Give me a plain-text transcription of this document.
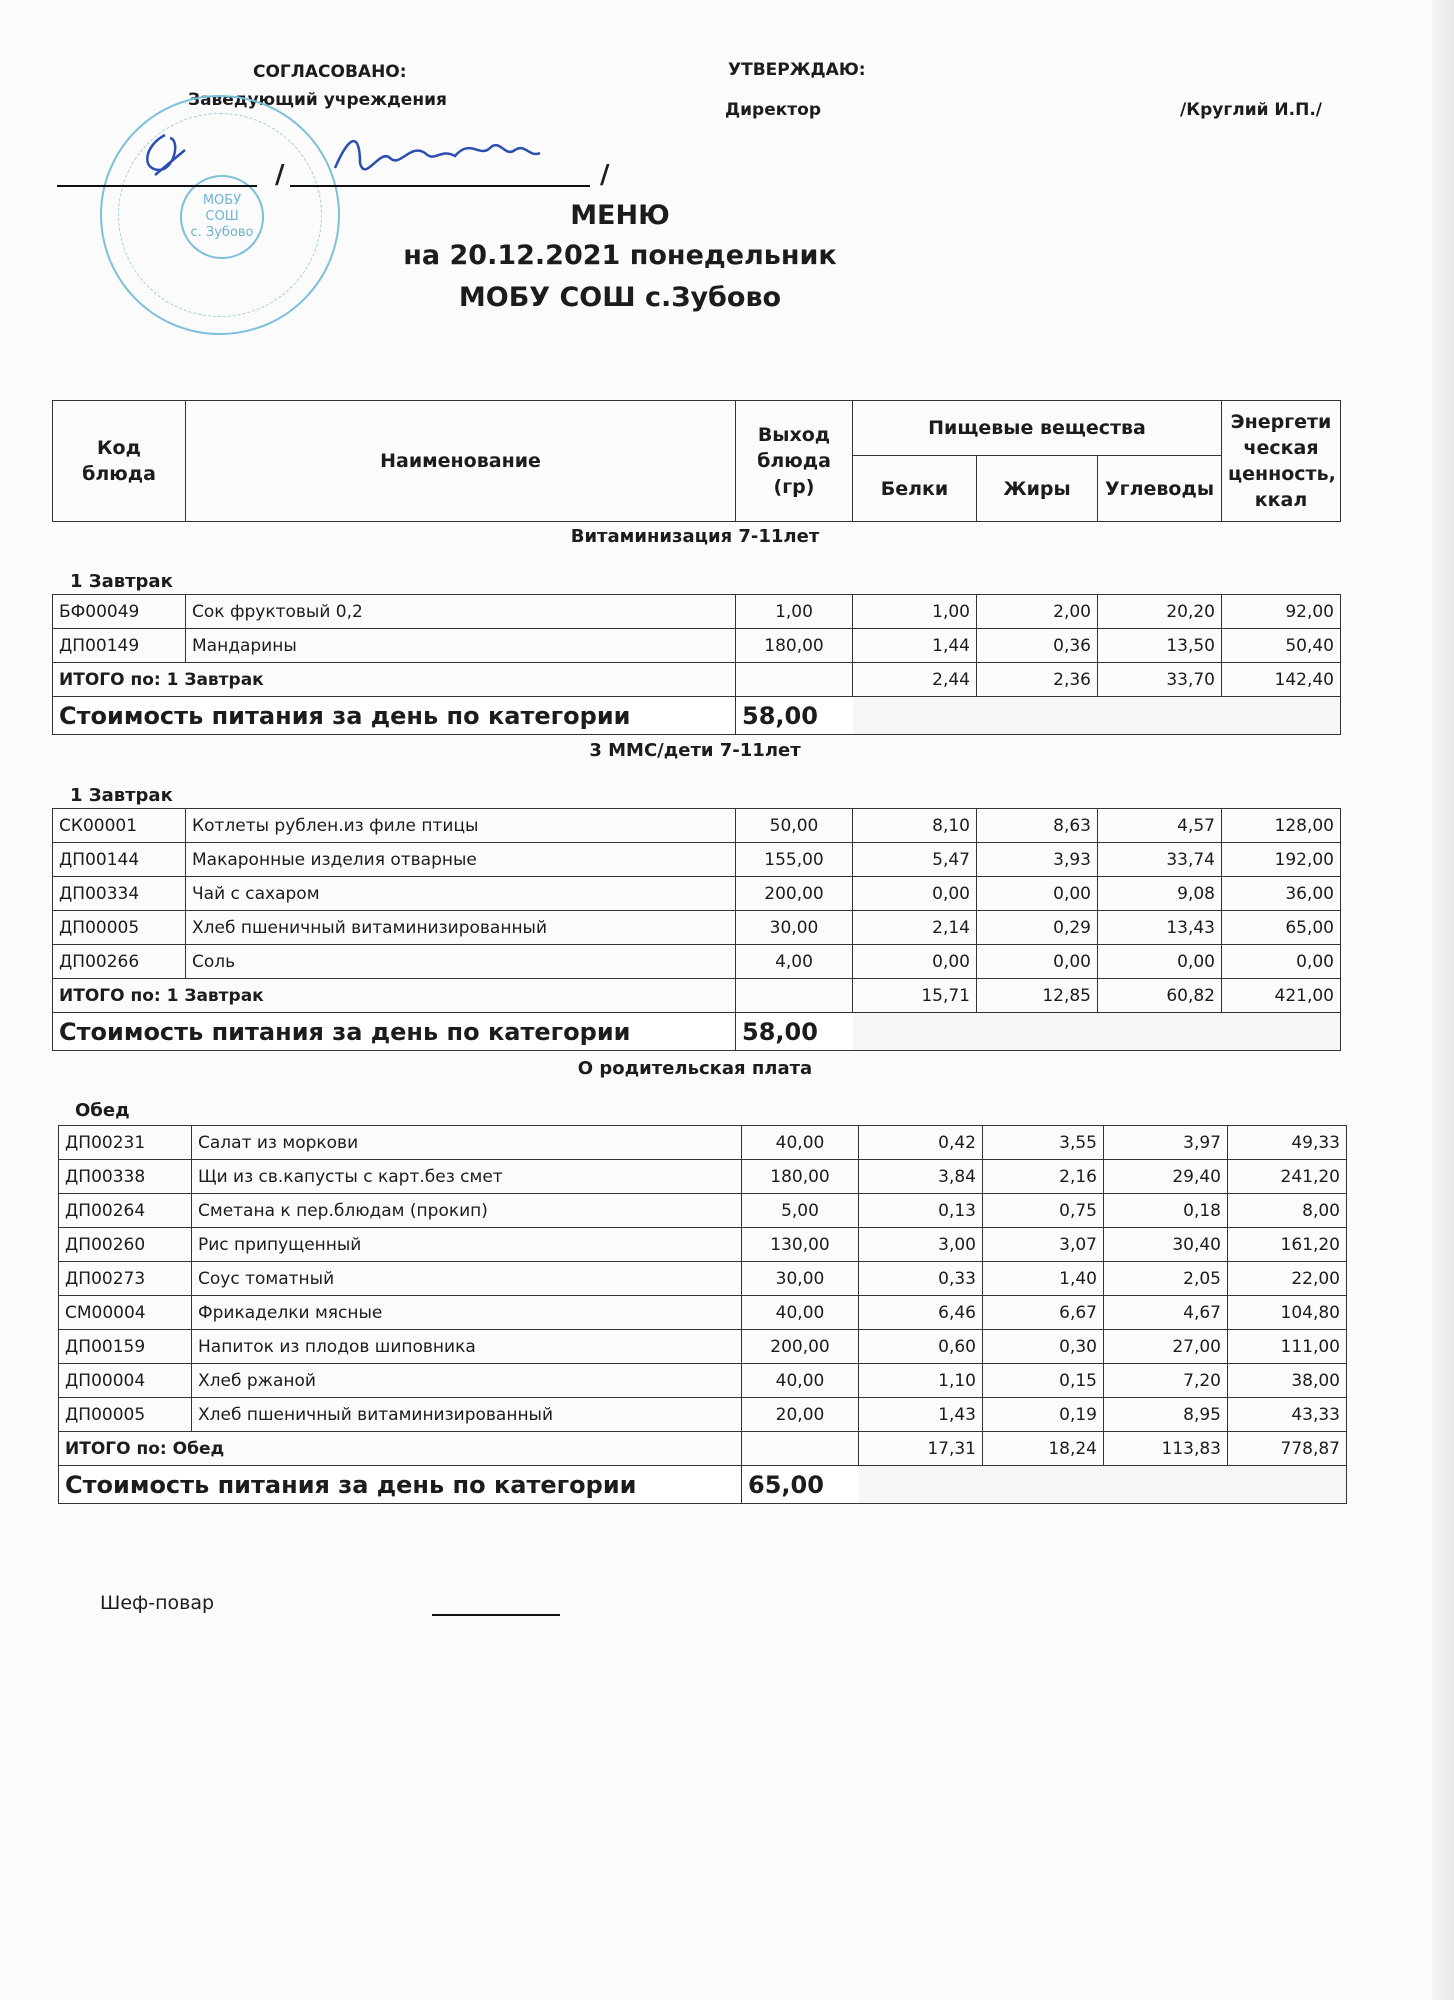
СОГЛАСОВАНО:
Заведующий учреждения
МОБУ
СОШ
с. Зубово
/	/
УТВЕРЖДАЮ:
Директор	/Круглий И.П./
МЕНЮ
на 20.12.2021 понедельник
МОБУ СОШ с.Зубово
Код блюда	Наименование	Выход блюда (гр)	Пищевые вещества			Энергети ческая ценность, ккал
			Белки	Жиры	Углеводы	
Витаминизация 7-11лет
1 Завтрак
БФ00049	Сок фруктовый 0,2	1,00	1,00	2,00	20,20	92,00
ДП00149	Мандарины	180,00	1,44	0,36	13,50	50,40
ИТОГО по: 1 Завтрак			2,44	2,36	33,70	142,40
Стоимость питания за день по категории		58,00				
3 ММС/дети 7-11лет
1 Завтрак
СК00001	Котлеты рублен.из филе птицы	50,00	8,10	8,63	4,57	128,00
ДП00144	Макаронные изделия отварные	155,00	5,47	3,93	33,74	192,00
ДП00334	Чай с сахаром	200,00	0,00	0,00	9,08	36,00
ДП00005	Хлеб пшеничный витаминизированный	30,00	2,14	0,29	13,43	65,00
ДП00266	Соль	4,00	0,00	0,00	0,00	0,00
ИТОГО по: 1 Завтрак			15,71	12,85	60,82	421,00
Стоимость питания за день по категории		58,00				
О родительская плата
Обед
ДП00231	Салат из моркови	40,00	0,42	3,55	3,97	49,33
ДП00338	Щи из св.капусты с карт.без смет	180,00	3,84	2,16	29,40	241,20
ДП00264	Сметана к пер.блюдам (прокип)	5,00	0,13	0,75	0,18	8,00
ДП00260	Рис припущенный	130,00	3,00	3,07	30,40	161,20
ДП00273	Соус томатный	30,00	0,33	1,40	2,05	22,00
СМ00004	Фрикаделки мясные	40,00	6,46	6,67	4,67	104,80
ДП00159	Напиток из плодов шиповника	200,00	0,60	0,30	27,00	111,00
ДП00004	Хлеб ржаной	40,00	1,10	0,15	7,20	38,00
ДП00005	Хлеб пшеничный витаминизированный	20,00	1,43	0,19	8,95	43,33
ИТОГО по: Обед			17,31	18,24	113,83	778,87
Стоимость питания за день по категории		65,00				
Шеф-повар
